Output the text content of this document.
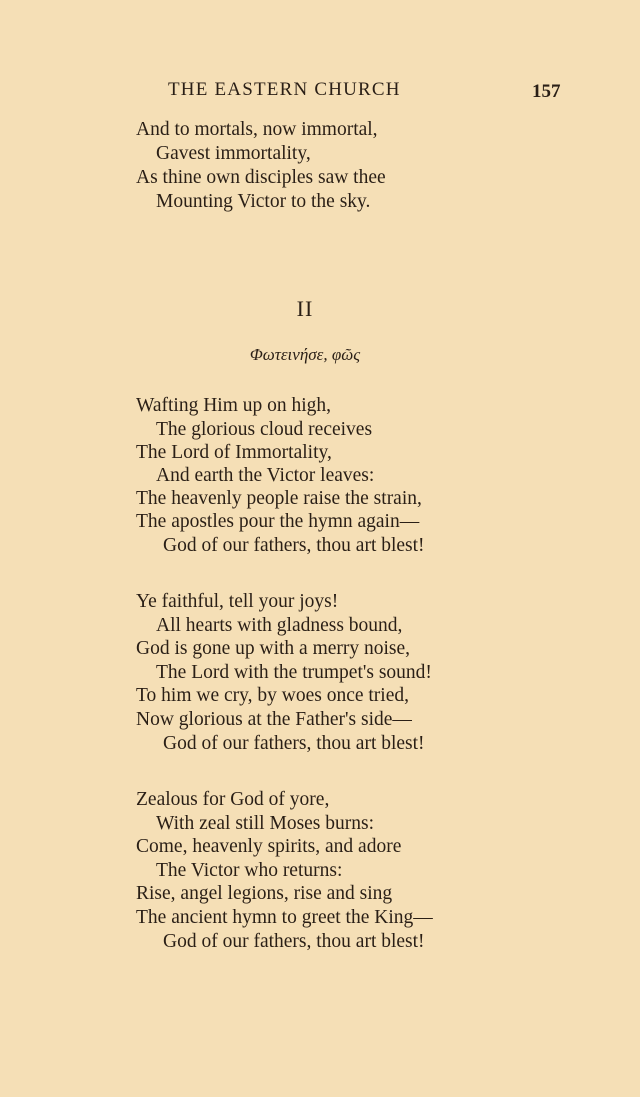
THE EASTERN CHURCH	157
And to mortals, now immortal,
Gavest immortality,
As thine own disciples saw thee
Mounting Victor to the sky.
II
Φωτεινήσε, φῶς
Wafting Him up on high,
The glorious cloud receives
The Lord of Immortality,
And earth the Victor leaves:
The heavenly people raise the strain,
The apostles pour the hymn again—
God of our fathers, thou art blest!
Ye faithful, tell your joys!
All hearts with gladness bound,
God is gone up with a merry noise,
The Lord with the trumpet's sound!
To him we cry, by woes once tried,
Now glorious at the Father's side—
God of our fathers, thou art blest!
Zealous for God of yore,
With zeal still Moses burns:
Come, heavenly spirits, and adore
The Victor who returns:
Rise, angel legions, rise and sing
The ancient hymn to greet the King—
God of our fathers, thou art blest!
